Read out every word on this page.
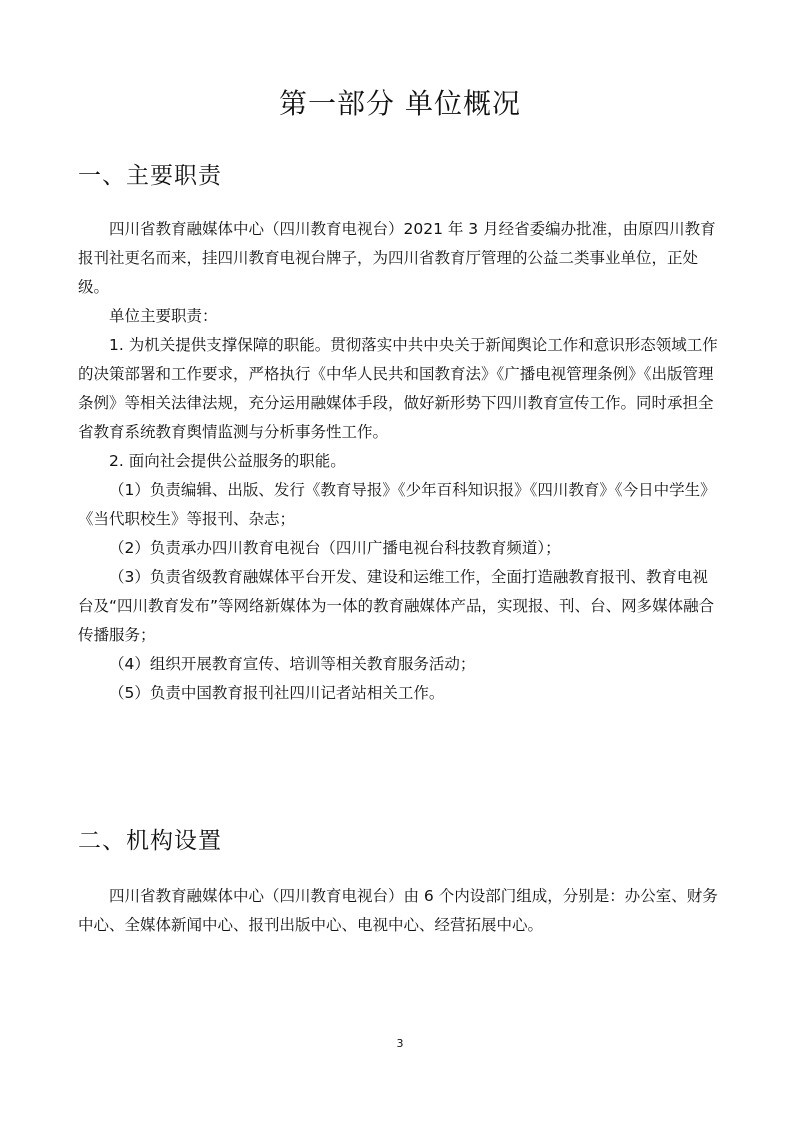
第一部分 单位概况
一、主要职责

四川省教育融媒体中心（四川教育电视台）2021 年 3 月经省委编办批准，由原四川教育报刊社更名而来，挂四川教育电视台牌子，为四川省教育厅管理的公益二类事业单位，正处级。

单位主要职责：

1. 为机关提供支撑保障的职能。贯彻落实中共中央关于新闻舆论工作和意识形态领域工作的决策部署和工作要求，严格执行《中华人民共和国教育法》《广播电视管理条例》《出版管理条例》等相关法律法规，充分运用融媒体手段，做好新形势下四川教育宣传工作。同时承担全省教育系统教育舆情监测与分析事务性工作。

2. 面向社会提供公益服务的职能。

（1）负责编辑、出版、发行《教育导报》《少年百科知识报》《四川教育》《今日中学生》《当代职校生》等报刊、杂志；

（2）负责承办四川教育电视台（四川广播电视台科技教育频道）；

（3）负责省级教育融媒体平台开发、建设和运维工作，全面打造融教育报刊、教育电视台及“四川教育发布”等网络新媒体为一体的教育融媒体产品，实现报、刊、台、网多媒体融合传播服务；

（4）组织开展教育宣传、培训等相关教育服务活动；

（5）负责中国教育报刊社四川记者站相关工作。

二、机构设置

四川省教育融媒体中心（四川教育电视台）由 6 个内设部门组成，分别是：办公室、财务中心、全媒体新闻中心、报刊出版中心、电视中心、经营拓展中心。

3
